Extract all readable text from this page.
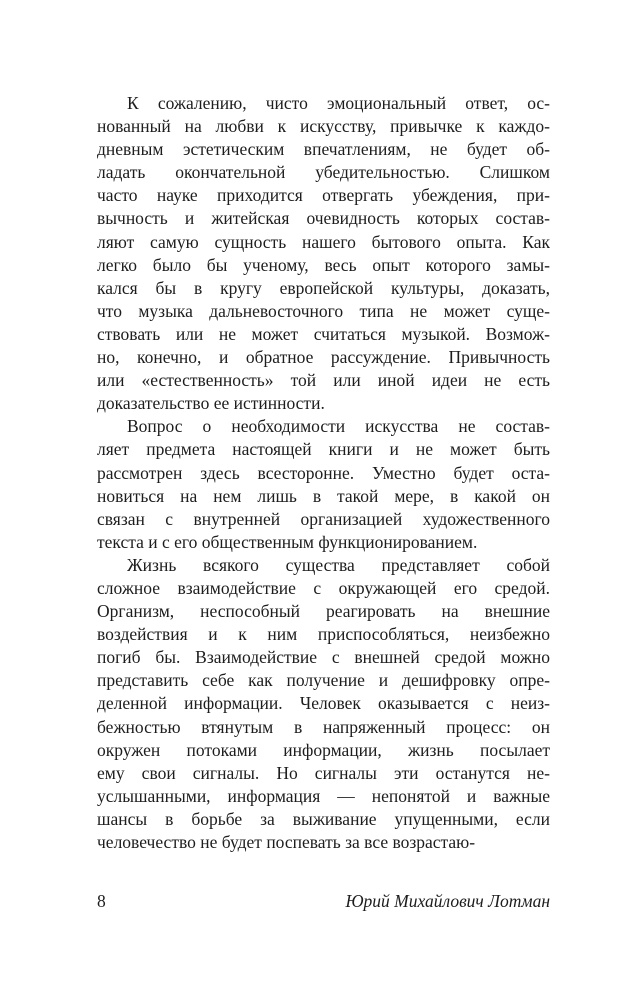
К сожалению, чисто эмоциональный ответ, ос-
нованный на любви к искусству, привычке к каждо-
дневным эстетическим впечатлениям, не будет об-
ладать окончательной убедительностью. Слишком
часто науке приходится отвергать убеждения, при-
вычность и житейская очевидность которых состав-
ляют самую сущность нашего бытового опыта. Как
легко было бы ученому, весь опыт которого замы-
кался бы в кругу европейской культуры, доказать,
что музыка дальневосточного типа не может суще-
ствовать или не может считаться музыкой. Возмож-
но, конечно, и обратное рассуждение. Привычность
или «естественность» той или иной идеи не есть
доказательство ее истинности.
Вопрос о необходимости искусства не состав-
ляет предмета настоящей книги и не может быть
рассмотрен здесь всесторонне. Уместно будет оста-
новиться на нем лишь в такой мере, в какой он
связан с внутренней организацией художественного
текста и с его общественным функционированием.
Жизнь всякого существа представляет собой
сложное взаимодействие с окружающей его средой.
Организм, неспособный реагировать на внешние
воздействия и к ним приспособляться, неизбежно
погиб бы. Взаимодействие с внешней средой можно
представить себе как получение и дешифровку опре-
деленной информации. Человек оказывается с неиз-
бежностью втянутым в напряженный процесс: он
окружен потоками информации, жизнь посылает
ему свои сигналы. Но сигналы эти останутся не-
услышанными, информация — непонятой и важные
шансы в борьбе за выживание упущенными, если
человечество не будет поспевать за все возрастаю-
8	Юрий Михайлович Лотман
